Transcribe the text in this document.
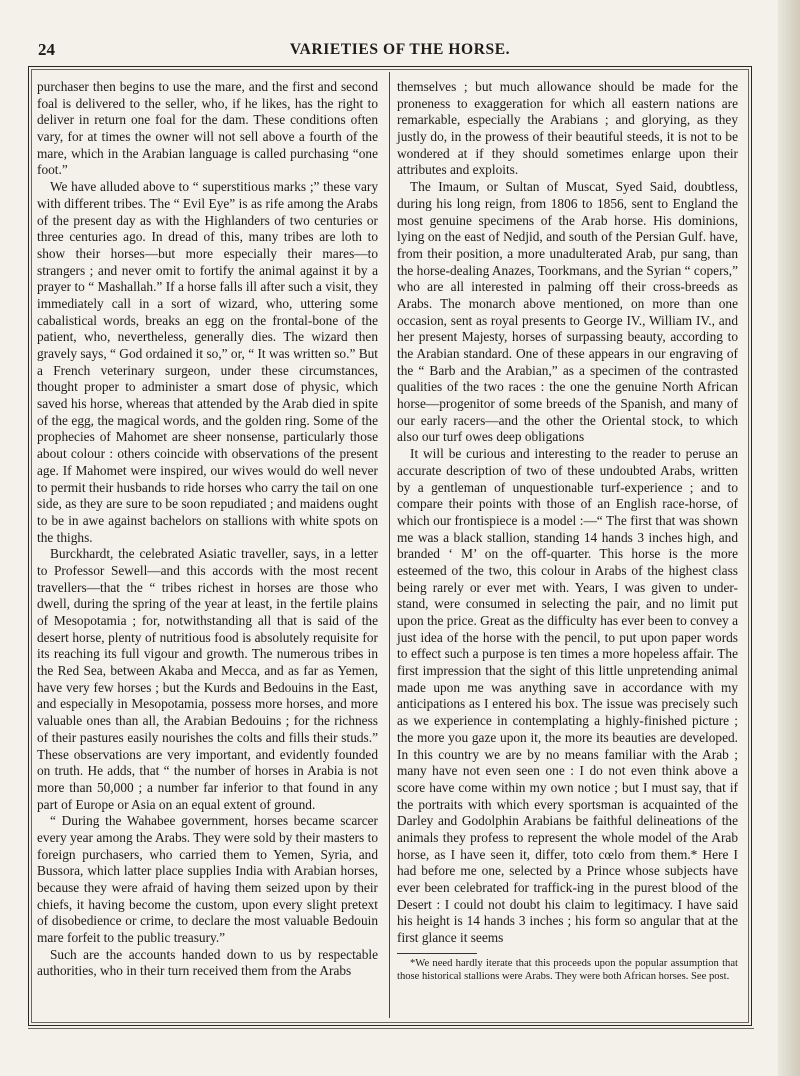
24	VARIETIES OF THE HORSE.

purchaser then begins to use the mare, and the first and second foal is delivered to the seller, who, if he likes, has the right to deliver in return one foal for the dam. These conditions often vary, for at times the owner will not sell above a fourth of the mare, which in the Arabian language is called purchasing “one foot.”

We have alluded above to “ superstitious marks ;” these vary with different tribes. The “ Evil Eye” is as rife among the Arabs of the present day as with the Highlanders of two centuries or three centuries ago. In dread of this, many tribes are loth to show their horses—but more especially their mares—to strangers ; and never omit to fortify the animal against it by a prayer to “ Mashallah.” If a horse falls ill after such a visit, they immediately call in a sort of wizard, who, uttering some cabalistical words, breaks an egg on the frontal-bone of the patient, who, nevertheless, generally dies. The wizard then gravely says, “ God ordained it so,” or, “ It was written so.” But a French veterinary surgeon, under these circumstances, thought proper to administer a smart dose of physic, which saved his horse, whereas that attended by the Arab died in spite of the egg, the magical words, and the golden ring. Some of the prophecies of Mahomet are sheer nonsense, particularly those about colour : others coincide with observations of the present age. If Mahomet were inspired, our wives would do well never to permit their husbands to ride horses who carry the tail on one side, as they are sure to be soon repudiated ; and maidens ought to be in awe against bachelors on stallions with white spots on the thighs.

Burckhardt, the celebrated Asiatic traveller, says, in a letter to Professor Sewell—and this accords with the most recent travellers—that the “ tribes richest in horses are those who dwell, during the spring of the year at least, in the fertile plains of Mesopotamia ; for, notwithstanding all that is said of the desert horse, plenty of nutritious food is absolutely requisite for its reaching its full vigour and growth. The numerous tribes in the Red Sea, between Akaba and Mecca, and as far as Yemen, have very few horses ; but the Kurds and Bedouins in the East, and especially in Mesopotamia, possess more horses, and more valuable ones than all, the Arabian Bedouins ; for the richness of their pastures easily nourishes the colts and fills their studs.” These observations are very important, and evidently founded on truth. He adds, that “ the number of horses in Arabia is not more than 50,000 ; a number far inferior to that found in any part of Europe or Asia on an equal extent of ground.

“ During the Wahabee government, horses became scarcer every year among the Arabs. They were sold by their masters to foreign purchasers, who carried them to Yemen, Syria, and Bussora, which latter place supplies India with Arabian horses, because they were afraid of having them seized upon by their chiefs, it having become the custom, upon every slight pretext of disobedience or crime, to declare the most valuable Bedouin mare forfeit to the public treasury.”

Such are the accounts handed down to us by respectable authorities, who in their turn received them from the Arabs

themselves ; but much allowance should be made for the proneness to exaggeration for which all eastern nations are remarkable, especially the Arabians ; and glorying, as they justly do, in the prowess of their beautiful steeds, it is not to be wondered at if they should sometimes enlarge upon their attributes and exploits.

The Imaum, or Sultan of Muscat, Syed Said, doubtless, during his long reign, from 1806 to 1856, sent to England the most genuine specimens of the Arab horse. His dominions, lying on the east of Nedjid, and south of the Persian Gulf. have, from their position, a more unadulterated Arab, pur sang, than the horse-dealing Anazes, Toorkmans, and the Syrian “ copers,” who are all interested in palming off their cross-breeds as Arabs. The monarch above mentioned, on more than one occasion, sent as royal presents to George IV., William IV., and her present Majesty, horses of surpassing beauty, according to the Arabian standard. One of these appears in our engraving of the “ Barb and the Arabian,” as a specimen of the contrasted qualities of the two races : the one the genuine North African horse—progenitor of some breeds of the Spanish, and many of our early racers—and the other the Oriental stock, to which also our turf owes deep obligations

It will be curious and interesting to the reader to peruse an accurate description of two of these undoubted Arabs, written by a gentleman of unquestionable turf-experience ; and to compare their points with those of an English race-horse, of which our frontispiece is a model :—“ The first that was shown me was a black stallion, standing 14 hands 3 inches high, and branded ‘ M’ on the off-quarter. This horse is the more esteemed of the two, this colour in Arabs of the highest class being rarely or ever met with. Years, I was given to under-stand, were consumed in selecting the pair, and no limit put upon the price. Great as the difficulty has ever been to convey a just idea of the horse with the pencil, to put upon paper words to effect such a purpose is ten times a more hopeless affair. The first impression that the sight of this little unpretending animal made upon me was anything save in accordance with my anticipations as I entered his box. The issue was precisely such as we experience in contemplating a highly-finished picture ; the more you gaze upon it, the more its beauties are developed. In this country we are by no means familiar with the Arab ; many have not even seen one : I do not even think above a score have come within my own notice ; but I must say, that if the portraits with which every sportsman is acquainted of the Darley and Godolphin Arabians be faithful delineations of the animals they profess to represent the whole model of the Arab horse, as I have seen it, differ, toto cœlo from them.* Here I had before me one, selected by a Prince whose subjects have ever been celebrated for traffick-ing in the purest blood of the Desert : I could not doubt his claim to legitimacy. I have said his height is 14 hands 3 inches ; his form so angular that at the first glance it seems

*We need hardly iterate that this proceeds upon the popular assumption that those historical stallions were Arabs. They were both African horses. See post.
